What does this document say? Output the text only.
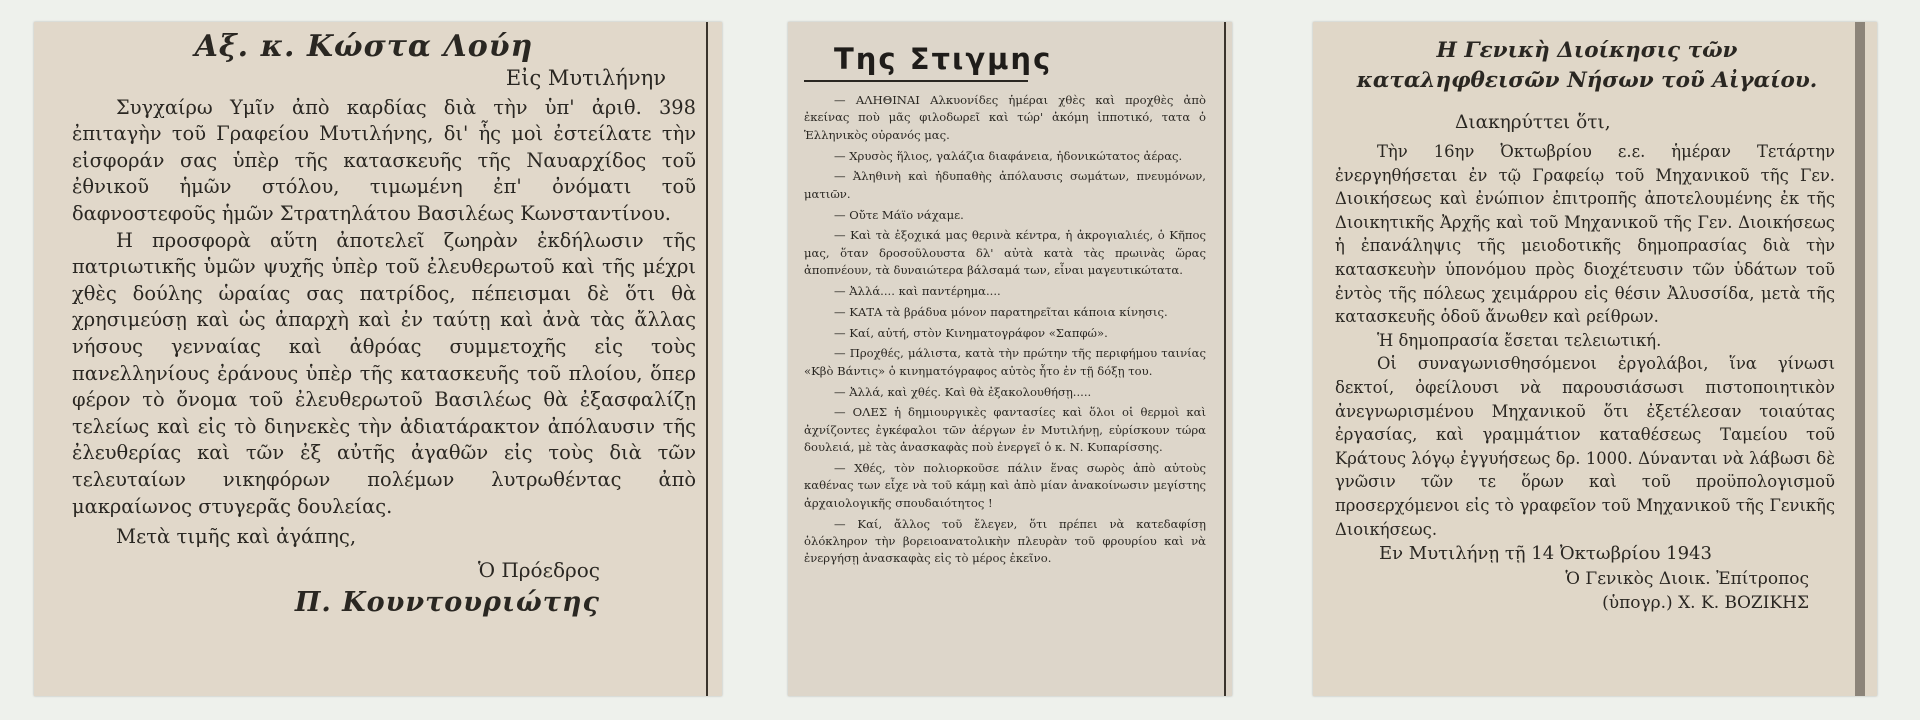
Αξ. κ. Κώστα Λούη
Εἰς Μυτιλήνην

Συγχαίρω Υμῖν ἀπὸ καρδίας διὰ τὴν ὑπ' ἀριθ. 398 ἐπιταγὴν τοῦ Γραφείου Μυτιλήνης, δι' ἧς μοὶ ἐστείλατε τὴν εἰσφοράν σας ὑπὲρ τῆς κατασκευῆς τῆς Ναυαρχίδος τοῦ ἐθνικοῦ ἡμῶν στόλου, τιμωμένη ἐπ' ὀνόματι τοῦ δαφνοστεφοῦς ἡμῶν Στρατηλάτου Βασιλέως Κωνσταντίνου.

Η προσφορὰ αὕτη ἀποτελεῖ ζωηρὰν ἐκδήλωσιν τῆς πατριωτικῆς ὑμῶν ψυχῆς ὑπὲρ τοῦ ἐλευθερωτοῦ καὶ τῆς μέχρι χθὲς δούλης ὡραίας σας πατρίδος, πέπεισμαι δὲ ὅτι θὰ χρησιμεύσῃ καὶ ὡς ἀπαρχὴ καὶ ἐν ταύτῃ καὶ ἀνὰ τὰς ἄλλας νήσους γενναίας καὶ ἀθρόας συμμετοχῆς εἰς τοὺς πανελληνίους ἐράνους ὑπὲρ τῆς κατασκευῆς τοῦ πλοίου, ὅπερ φέρον τὸ ὄνομα τοῦ ἐλευθερωτοῦ Βασιλέως θὰ ἐξασφαλίζῃ τελείως καὶ εἰς τὸ διηνεκὲς τὴν ἀδιατάρακτον ἀπόλαυσιν τῆς ἐλευθερίας καὶ τῶν ἐξ αὐτῆς ἀγαθῶν εἰς τοὺς διὰ τῶν τελευταίων νικηφόρων πολέμων λυτρωθέντας ἀπὸ μακραίωνος στυγερᾶς δουλείας.

Μετὰ τιμῆς καὶ ἀγάπης,
Ὁ Πρόεδρος
Π. Κουντουριώτης
Της Στιγμης

— ΑΛΗΘΙΝΑΙ Αλκυονίδες ἡμέραι χθὲς καὶ προχθὲς ἀπὸ ἐκείνας ποὺ μᾶς φιλοδωρεῖ καὶ τώρ' ἀκόμη ἰπποτικό, τατα ὁ Ἑλληνικὸς οὐρανός μας.

— Χρυσὸς ἥλιος, γαλάζια διαφάνεια, ἡδονικώτατος ἀέρας.

— Ἀληθινὴ καὶ ἡδυπαθὴς ἀπόλαυσις σωμάτων, πνευμόνων, ματιῶν.

— Οὔτε Μάϊο νάχαμε.

— Καὶ τὰ ἐξοχικά μας θερινὰ κέντρα, ἡ ἀκρογιαλιές, ὁ Κῆπος μας, ὅταν δροσοῦλουστα δλ' αὐτὰ κατὰ τὰς πρωινὰς ὥρας ἀποπνέουν, τὰ δυναιώτερα βάλσαμά των, εἶναι μαγευτικώτατα.

— Ἀλλά.... καὶ παντέρημα....

— ΚΑΤΑ τὰ βράδυα μόνον παρατηρεῖται κάποια κίνησις.

— Καί, αὐτή, στὸν Κινηματογράφον «Σαπφώ».

— Προχθές, μάλιστα, κατὰ τὴν πρώτην τῆς περιφήμου ταινίας «Κβὸ Βάντις» ὁ κινηματόγραφος αὐτὸς ἦτο ἐν τῇ δόξῃ του.

— Ἀλλά, καὶ χθές. Καὶ θὰ ἐξακολουθήσῃ.....

— ΟΛΕΣ ἡ δημιουργικὲς φαντασίες καὶ ὅλοι οἱ θερμοὶ καὶ ἀχνίζοντες ἐγκέφαλοι τῶν ἀέργων ἐν Μυτιλήνῃ, εὑρίσκουν τώρα δουλειά, μὲ τὰς ἀνασκαφὰς ποὺ ἐνεργεῖ ὁ κ. Ν. Κυπαρίσσης.

— Χθές, τὸν πολιορκοῦσε πάλιν ἕνας σωρὸς ἀπὸ αὐτοὺς καθένας των εἶχε νὰ τοῦ κάμῃ καὶ ἀπὸ μίαν ἀνακοίνωσιν μεγίστης ἀρχαιολογικῆς σπουδαιότητος !

— Καί, ἄλλος τοῦ ἔλεγεν, ὅτι πρέπει νὰ κατεδαφίσῃ ὁλόκληρον τὴν βορειοανατολικὴν πλευρὰν τοῦ φρουρίου καὶ νὰ ἐνεργήσῃ ἀνασκαφὰς εἰς τὸ μέρος ἐκεῖνο.

Η Γενικὴ Διοίκησις τῶν καταληφθεισῶν Νήσων τοῦ Αἰγαίου.
Διακηρύττει ὅτι,

Τὴν 16ην Ὀκτωβρίου ε.ε. ἡμέραν Τετάρτην ἐνεργηθήσεται ἐν τῷ Γραφείῳ τοῦ Μηχανικοῦ τῆς Γεν. Διοικήσεως καὶ ἐνώπιον ἐπιτροπῆς ἀποτελουμένης ἐκ τῆς Διοικητικῆς Ἀρχῆς καὶ τοῦ Μηχανικοῦ τῆς Γεν. Διοικήσεως ἡ ἐπανάληψις τῆς μειοδοτικῆς δημοπρασίας διὰ τὴν κατασκευὴν ὑπονόμου πρὸς διοχέτευσιν τῶν ὑδάτων τοῦ ἐντὸς τῆς πόλεως χειμάρρου εἰς θέσιν Ἀλυσσίδα, μετὰ τῆς κατασκευῆς ὁδοῦ ἄνωθεν καὶ ρείθρων.

Ἡ δημοπρασία ἔσεται τελειωτική.

Οἱ συναγωνισθησόμενοι ἐργολάβοι, ἵνα γίνωσι δεκτοί, ὀφείλουσι νὰ παρουσιάσωσι πιστοποιητικὸν ἀνεγνωρισμένου Μηχανικοῦ ὅτι ἐξετέλεσαν τοιαύτας ἐργασίας, καὶ γραμμάτιον καταθέσεως Ταμείου τοῦ Κράτους λόγῳ ἐγγυήσεως δρ. 1000. Δύνανται νὰ λάβωσι δὲ γνῶσιν τῶν τε ὅρων καὶ τοῦ προϋπολογισμοῦ προσερχόμενοι εἰς τὸ γραφεῖον τοῦ Μηχανικοῦ τῆς Γενικῆς Διοικήσεως.

Εν Μυτιλήνῃ τῇ 14 Ὀκτωβρίου 1943
Ὁ Γενικὸς Διοικ. Ἐπίτροπος
(ὑπογρ.) Χ. Κ. ΒΟΖΙΚΗΣ
